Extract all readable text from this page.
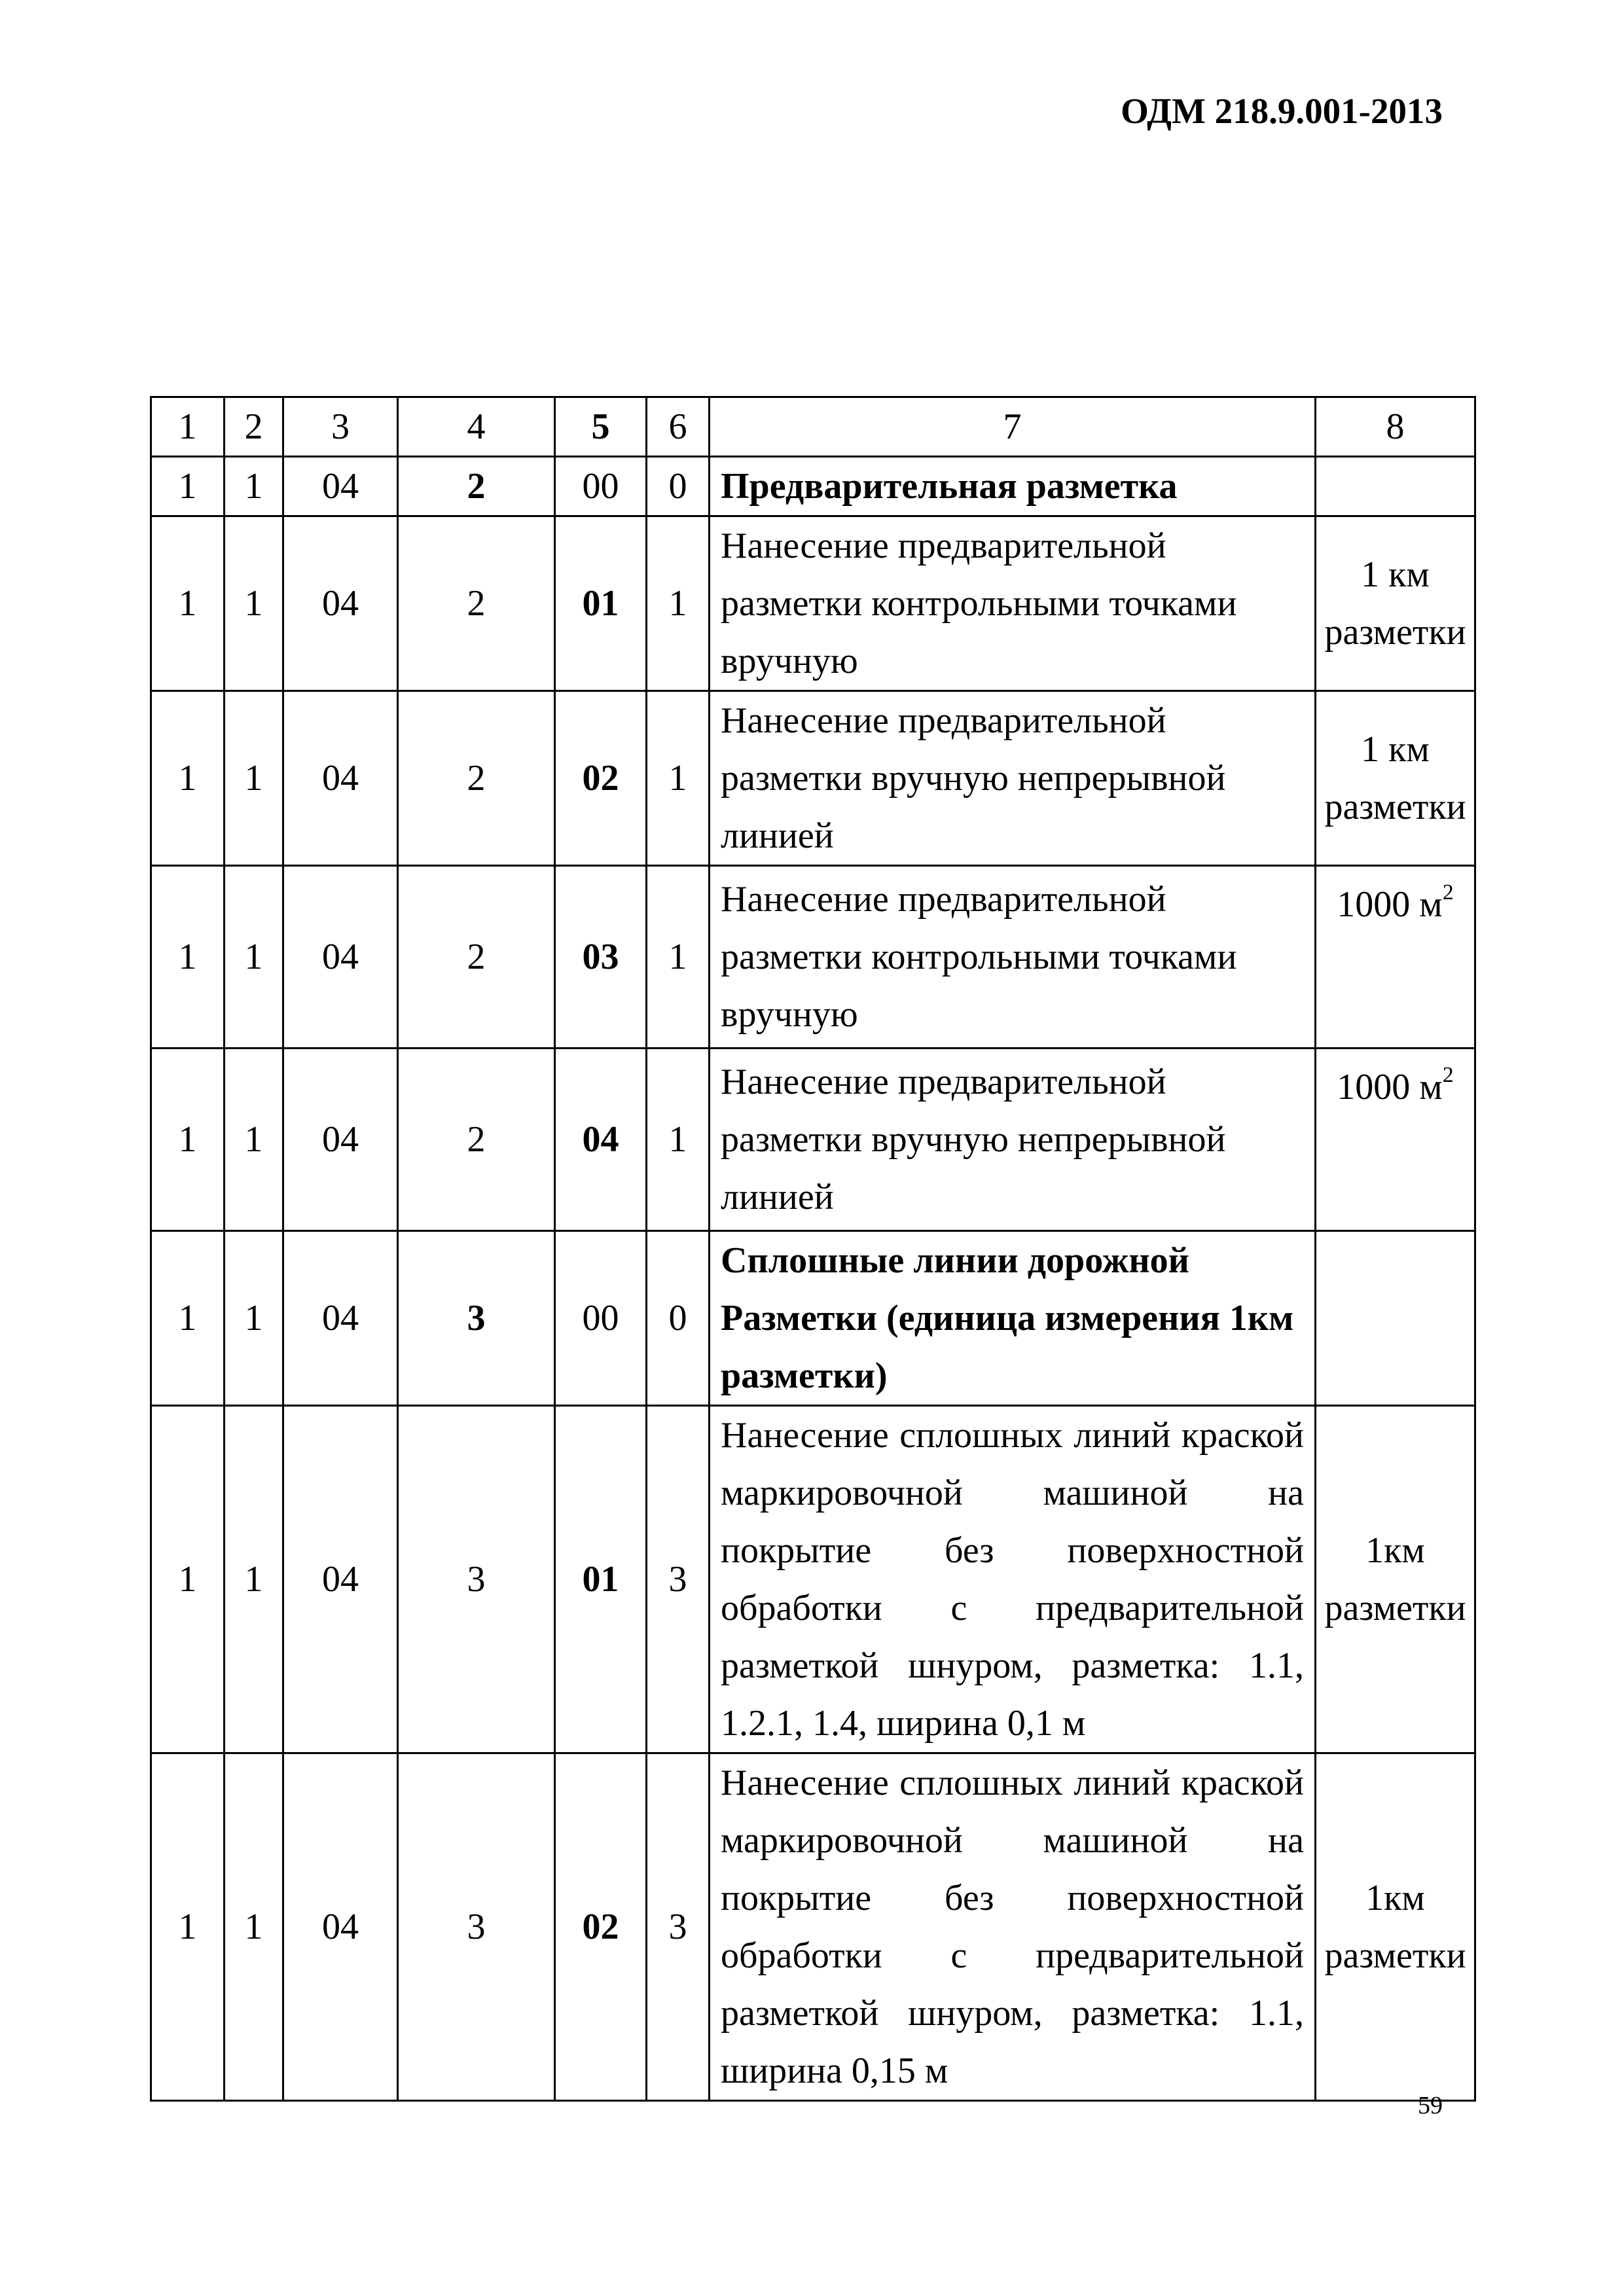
ОДМ 218.9.001-2013
1	2	3	4	5	6	7	8
1	1	04	2	00	0	Предварительная разметка	
1	1	04	2	01	1	Нанесение предварительной разметки контрольными точками вручную	1 км разметки
1	1	04	2	02	1	Нанесение предварительной разметки вручную непрерывной линией	1 км разметки
1	1	04	2	03	1	Нанесение предварительной разметки контрольными точками вручную	1000 $м^2$
1	1	04	2	04	1	Нанесение предварительной разметки вручную непрерывной линией	1000 $м^2$
1	1	04	3	00	0	Сплошные линии дорожной Разметки (единица измерения 1км разметки)	
1	1	04	3	01	3	Нанесение сплошных линий краской маркировочной машиной на покрытие без поверхностной обработки с предварительной разметкой шнуром, разметка: 1.1, 1.2.1, 1.4, ширина 0,1 м	1км разметки
1	1	04	3	02	3	Нанесение сплошных линий краской маркировочной машиной на покрытие без поверхностной обработки с предварительной разметкой шнуром, разметка: 1.1, ширина 0,15 м	1км разметки
59
